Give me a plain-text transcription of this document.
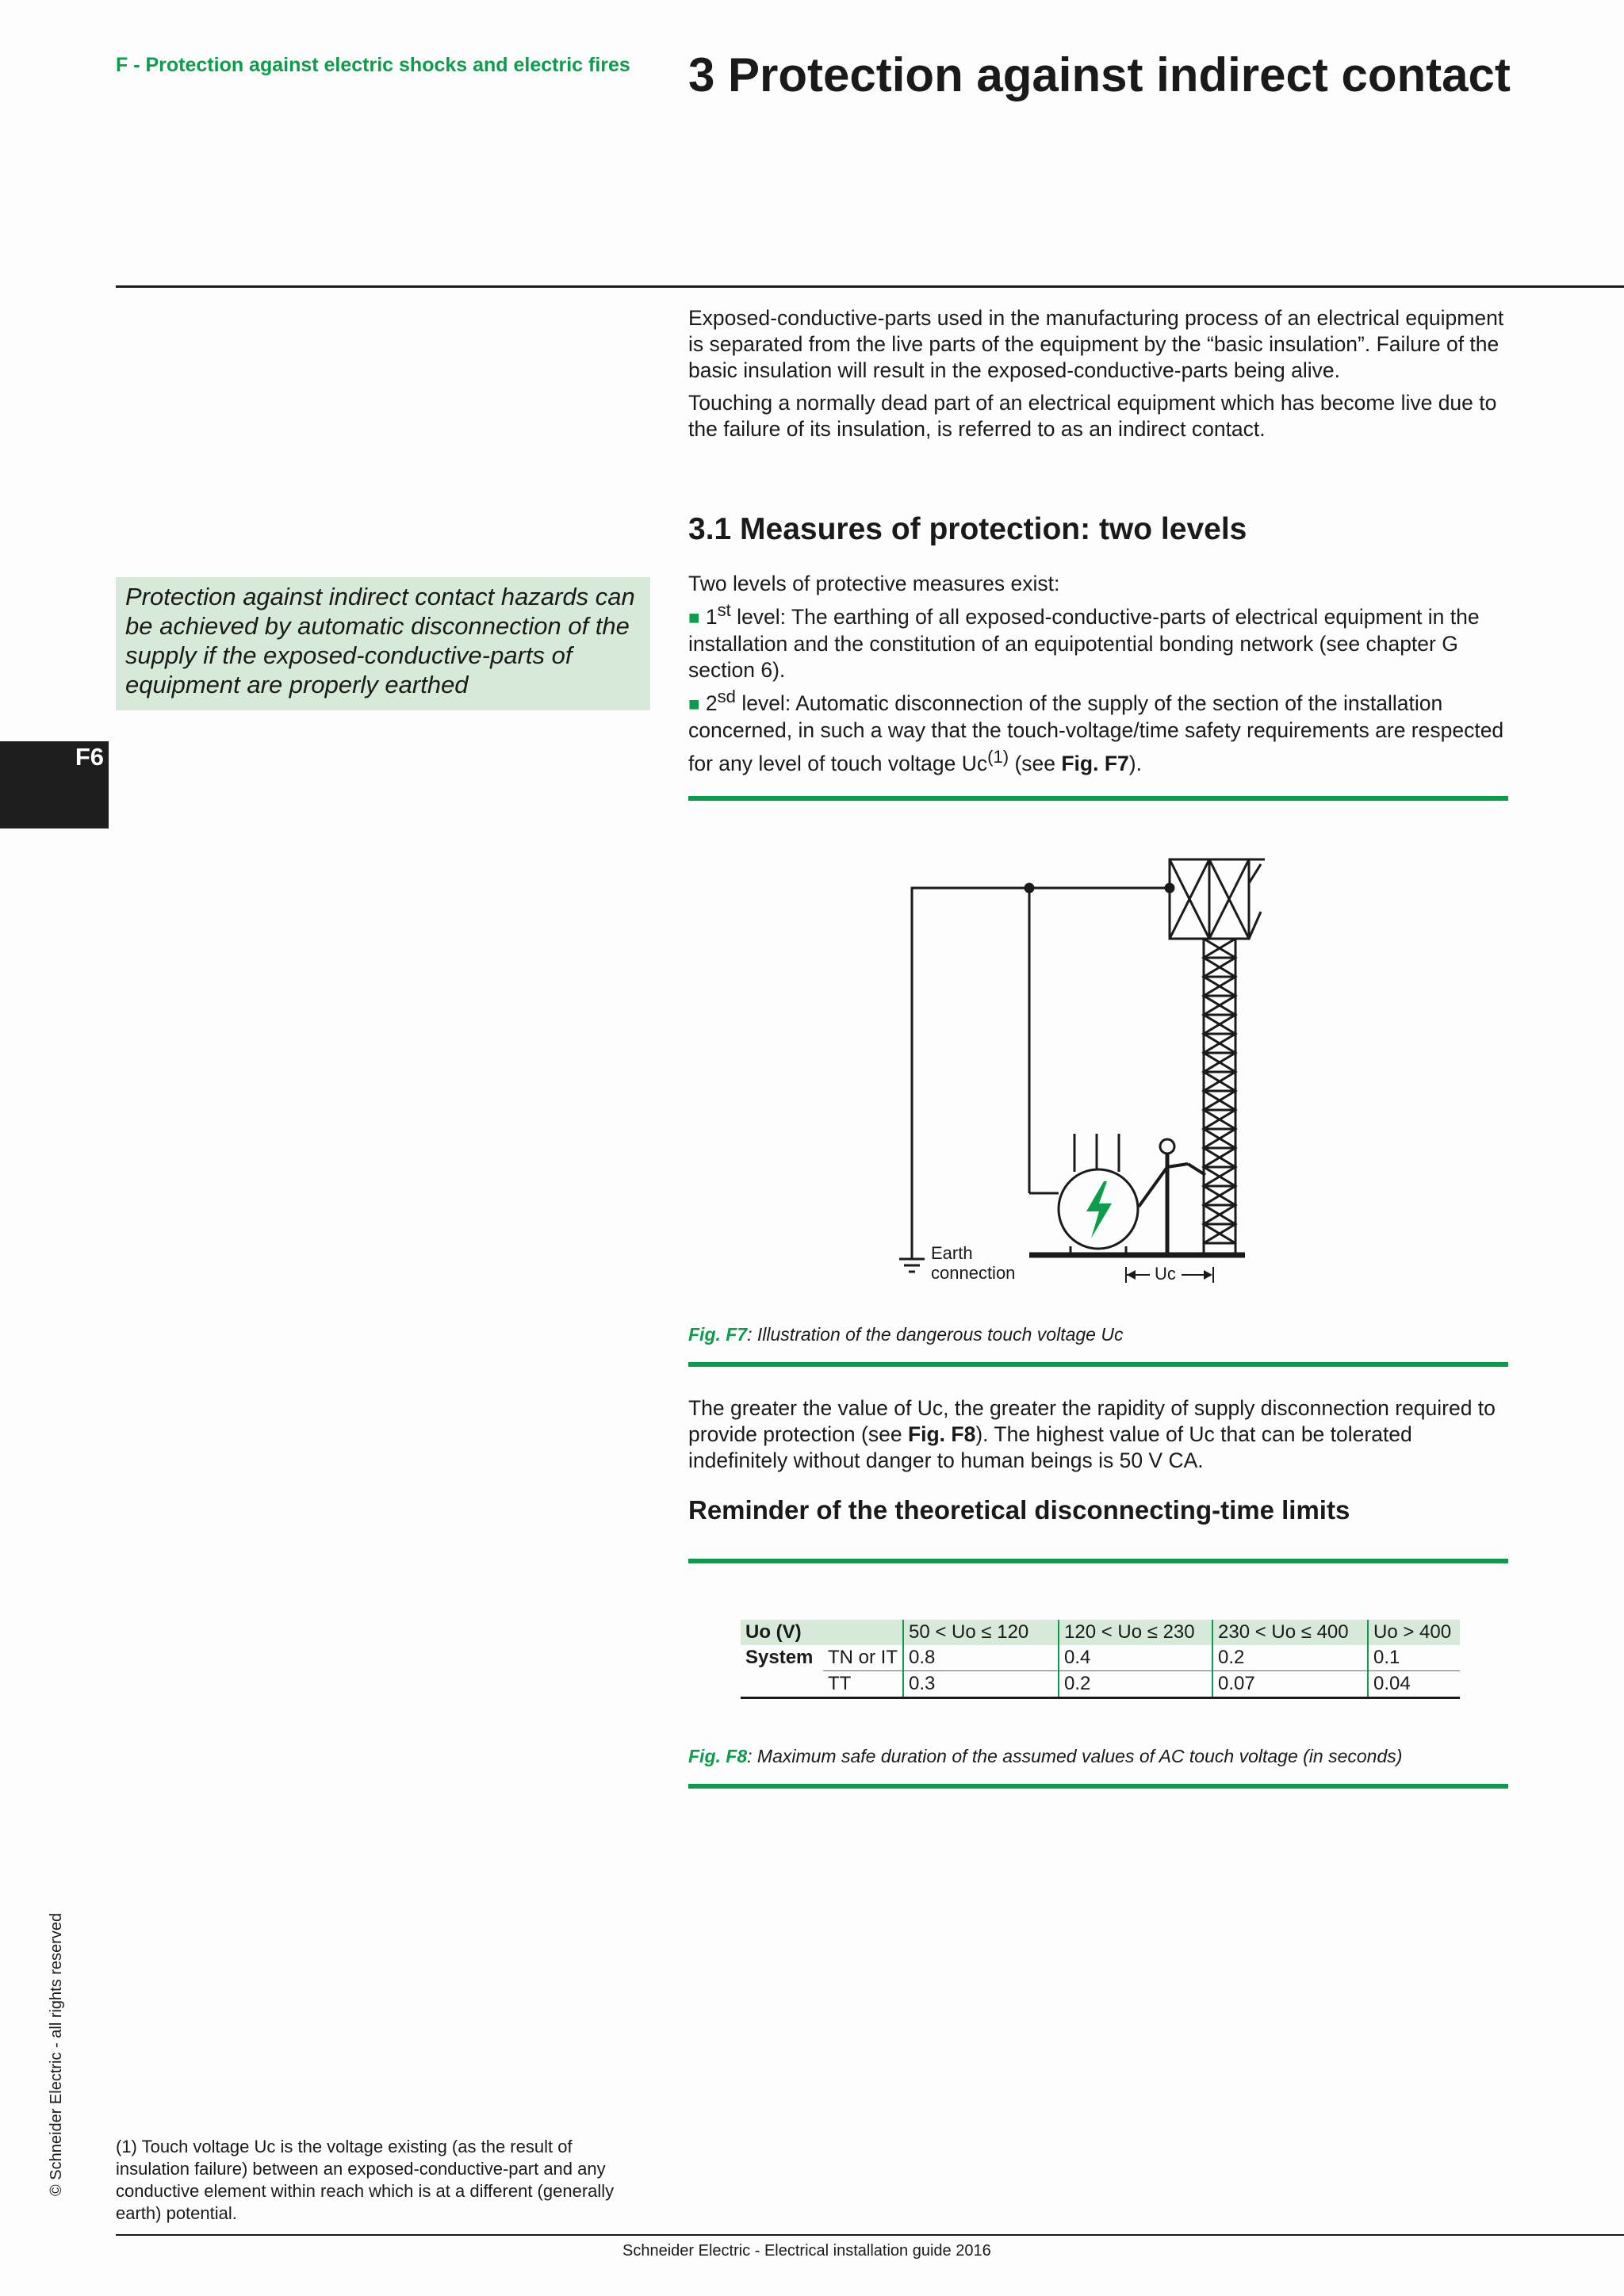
F - Protection against electric shocks and electric fires 3 Protection against indirect contact
Exposed-conductive-parts used in the manufacturing process of an electrical equipment is separated from the live parts of the equipment by the “basic insulation”. Failure of the basic insulation will result in the exposed-conductive-parts being alive.
Touching a normally dead part of an electrical equipment which has become live due to the failure of its insulation, is referred to as an indirect contact.
3.1 Measures of protection: two levels

Two levels of protective measures exist:

■ 1st level: The earthing of all exposed-conductive-parts of electrical equipment in the installation and the constitution of an equipotential bonding network (see chapter G section 6).

■ $2^{sd}$ level: Automatic disconnection of the supply of the section of the installation concerned, in such a way that the touch-voltage/time safety requirements are respected for any level of touch voltage Uc$^{(1)}$ (see Fig. F7).

Protection against indirect contact hazards can be achieved by automatic disconnection of the supply if the exposed-conductive-parts of equipment are properly earthed
F6
Earth
connection	Uc
Fig. F7: Illustration of the dangerous touch voltage Uc
The greater the value of Uc, the greater the rapidity of supply disconnection required to provide protection (see Fig. F8). The highest value of Uc that can be tolerated indefinitely without danger to human beings is 50 V CA.
Reminder of the theoretical disconnecting-time limits
Uo (V)		50 < Uo ≤ 120	120 < Uo ≤ 230	230 < Uo ≤ 400	Uo > 400
System	TN or IT	0.8	0.4	0.2	0.1
	TT	0.3	0.2	0.07	0.04
Fig. F8: Maximum safe duration of the assumed values of AC touch voltage (in seconds)
© Schneider Electric - all rights reserved	(1) Touch voltage Uc is the voltage existing (as the result of insulation failure) between an exposed-conductive-part and any conductive element within reach which is at a different (generally earth) potential.
Schneider Electric - Electrical installation guide 2016
